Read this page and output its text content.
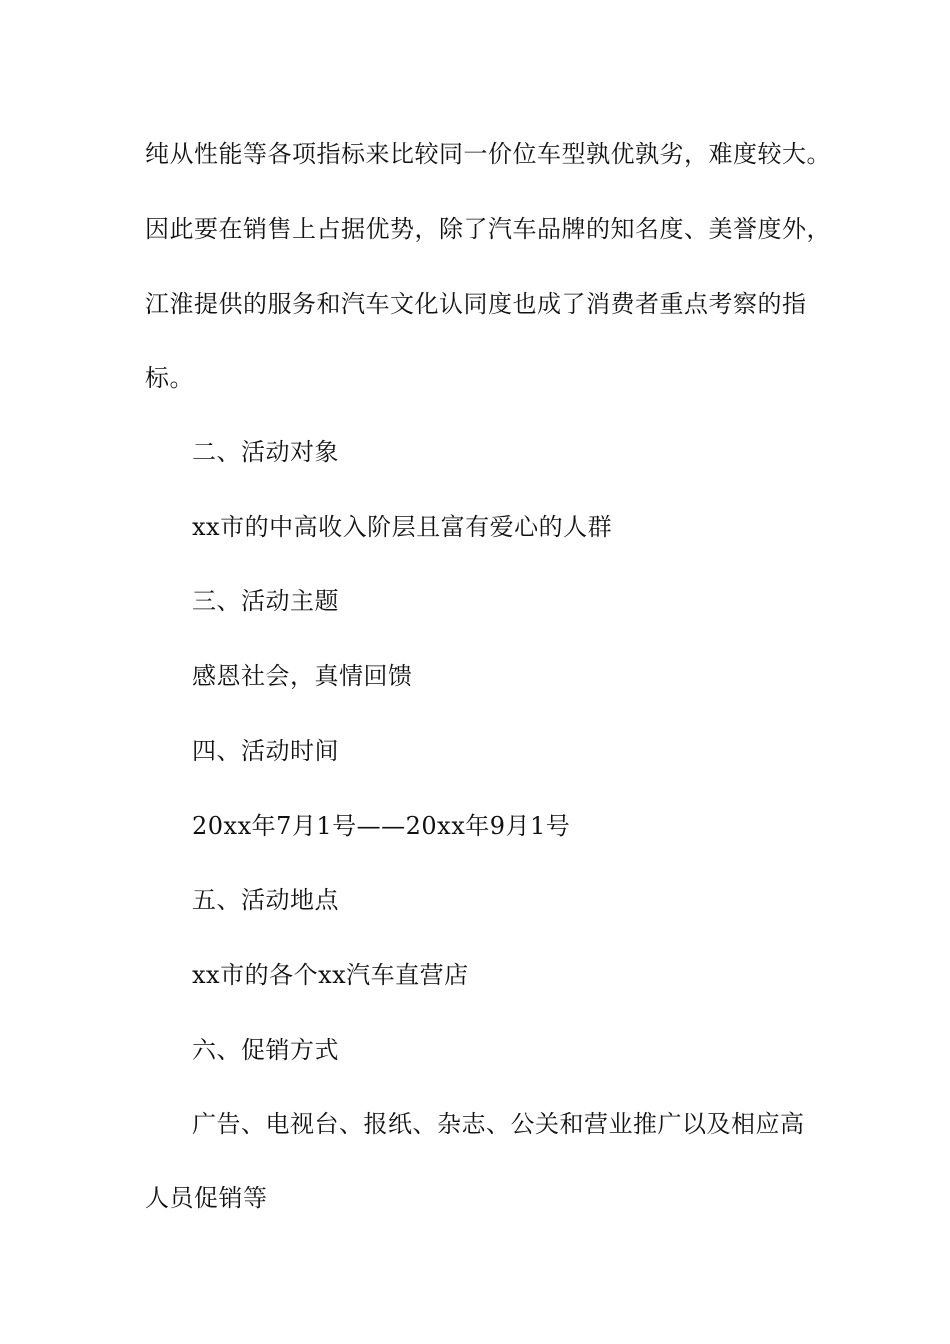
纯从性能等各项指标来比较同一价位车型孰优孰劣，难度较大。
因此要在销售上占据优势，除了汽车品牌的知名度、美誉度外，
江淮提供的服务和汽车文化认同度也成了消费者重点考察的指
标。
二、活动对象
xx市的中高收入阶层且富有爱心的人群
三、活动主题
感恩社会，真情回馈
四、活动时间
20xx年7月1号——20xx年9月1号
五、活动地点
xx市的各个xx汽车直营店
六、促销方式
广告、电视台、报纸、杂志、公关和营业推广以及相应高
人员促销等
